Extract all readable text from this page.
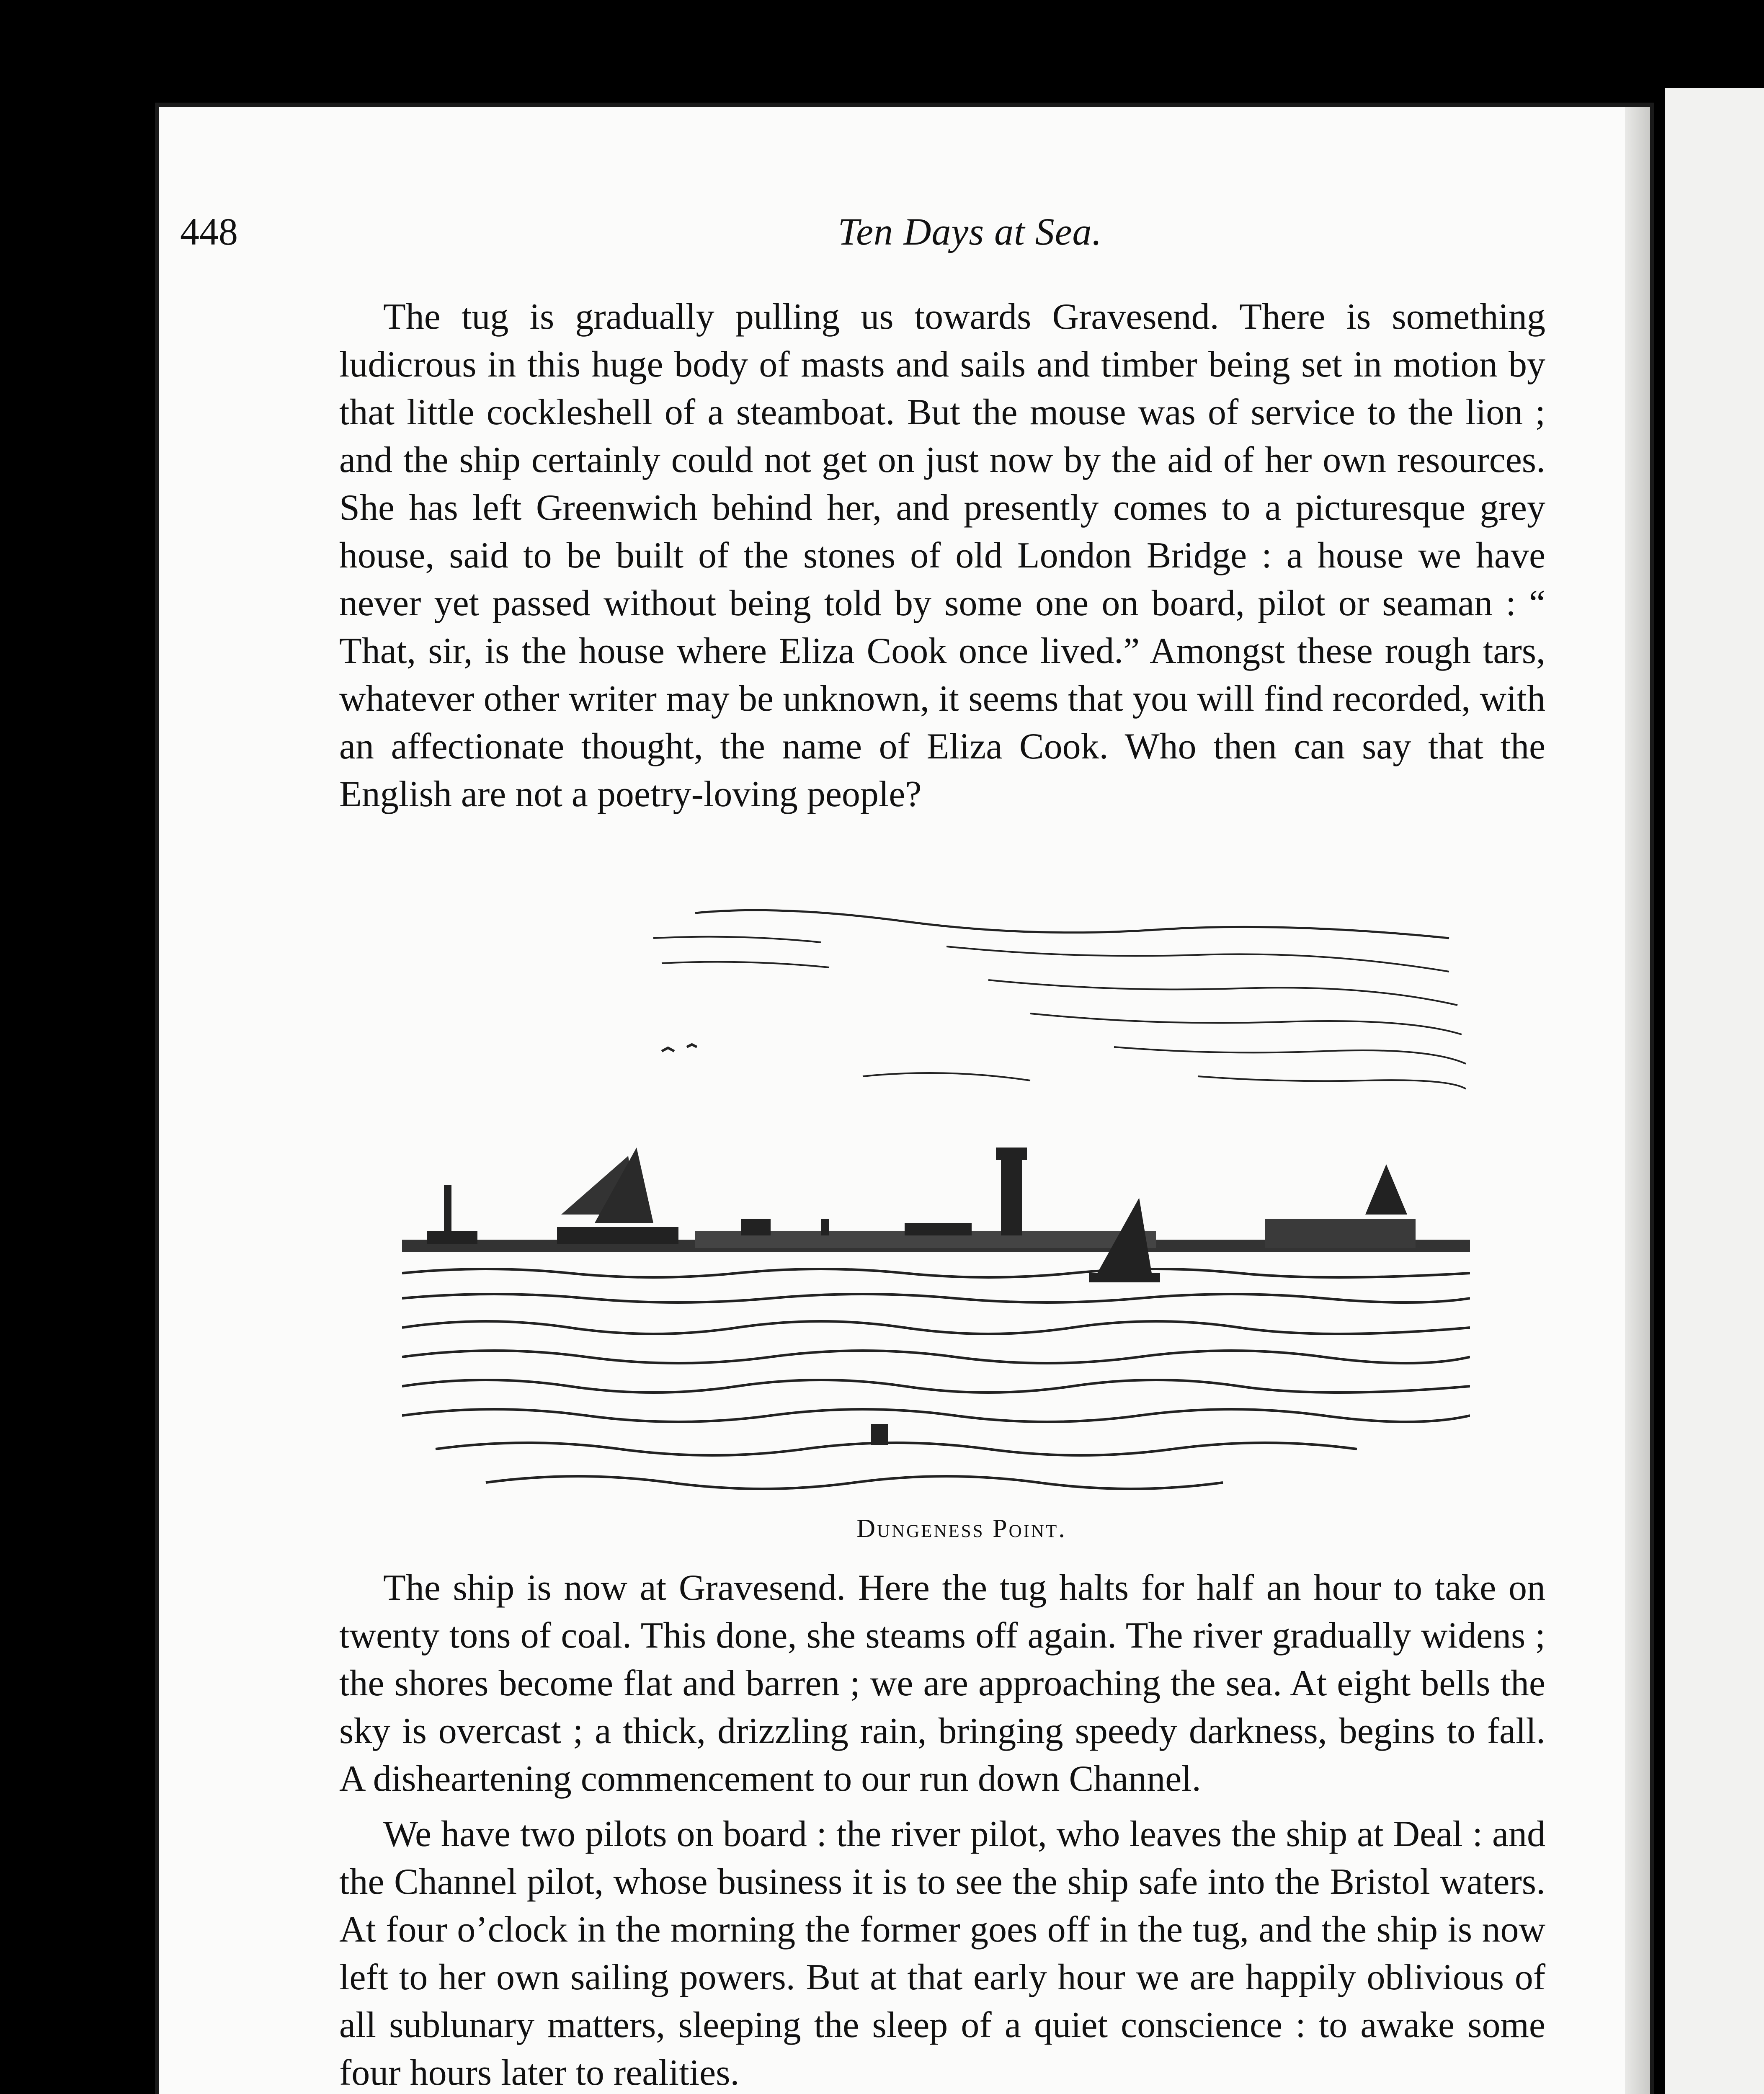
448	Ten Days at Sea.

The tug is gradually pulling us towards Gravesend. There is something ludicrous in this huge body of masts and sails and timber being set in motion by that little cockleshell of a steamboat. But the mouse was of service to the lion ; and the ship certainly could not get on just now by the aid of her own resources. She has left Greenwich behind her, and presently comes to a picturesque grey house, said to be built of the stones of old London Bridge : a house we have never yet passed without being told by some one on board, pilot or seaman : “ That, sir, is the house where Eliza Cook once lived.” Amongst these rough tars, whatever other writer may be unknown, it seems that you will find recorded, with an affectionate thought, the name of Eliza Cook. Who then can say that the English are not a poetry-loving people?

Dungeness Point.

The ship is now at Gravesend. Here the tug halts for half an hour to take on twenty tons of coal. This done, she steams off again. The river gradually widens ; the shores become flat and barren ; we are approaching the sea. At eight bells the sky is overcast ; a thick, drizzling rain, bringing speedy darkness, begins to fall. A disheartening commencement to our run down Channel.

We have two pilots on board : the river pilot, who leaves the ship at Deal : and the Channel pilot, whose business it is to see the ship safe into the Bristol waters. At four o’clock in the morning the former goes off in the tug, and the ship is now left to her own sailing powers. But at that early hour we are happily oblivious of all sublunary matters, sleeping the sleep of a quiet conscience : to awake some four hours later to realities.
